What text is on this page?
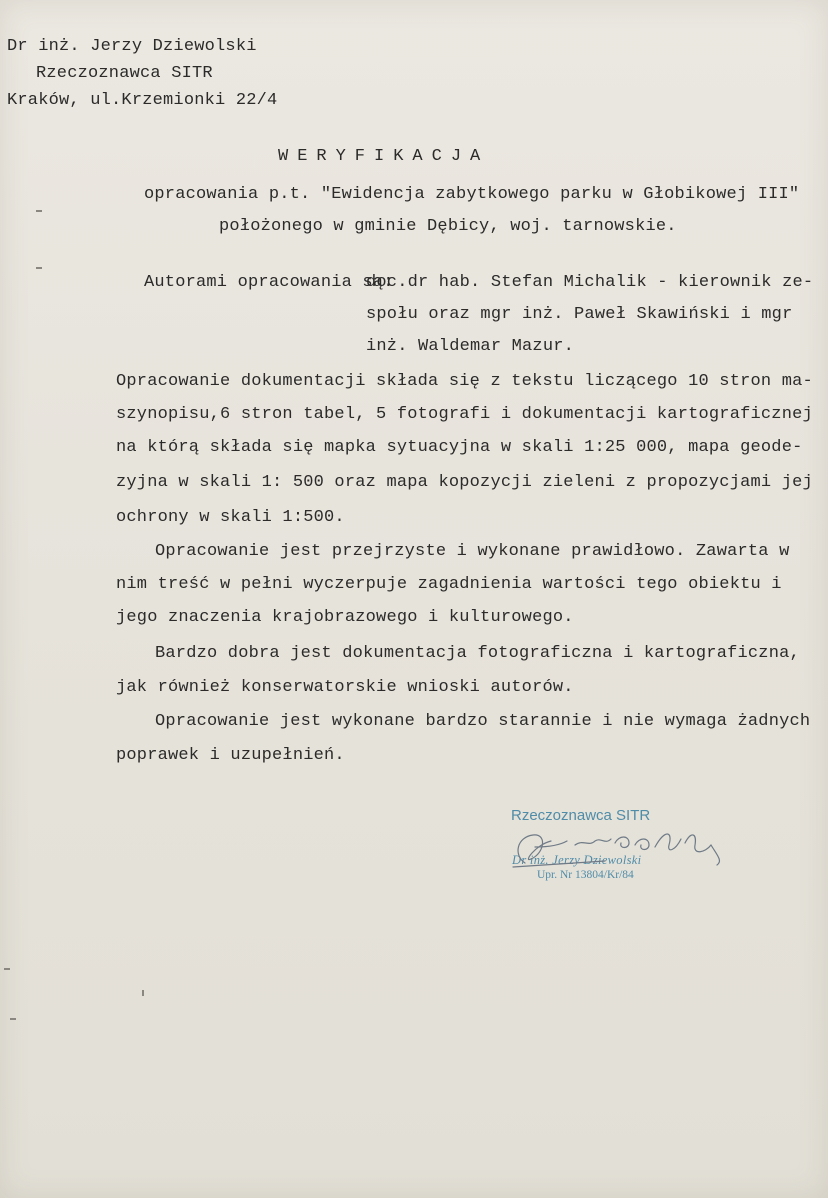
Dr inż. Jerzy Dziewolski
Rzeczoznawca SITR
Kraków, ul.Krzemionki 22/4
WERYFIKACJA
opracowania p.t. "Ewidencja zabytkowego parku w Głobikowej III"
położonego w gminie Dębicy, woj. tarnowskie.
Autorami opracowania są:
doc.dr hab. Stefan Michalik - kierownik ze-
społu oraz mgr inż. Paweł Skawiński i mgr
inż. Waldemar Mazur.
Opracowanie dokumentacji składa się z tekstu liczącego 10 stron ma-
szynopisu,6 stron tabel, 5 fotografi i dokumentacji kartograficznej
na którą składa się mapka sytuacyjna w skali 1:25 000, mapa geode-
zyjna w skali 1: 500 oraz mapa kopozycji zieleni z propozycjami jej
ochrony w skali 1:500.
Opracowanie jest przejrzyste i wykonane prawidłowo. Zawarta w
nim treść w pełni wyczerpuje zagadnienia wartości tego obiektu i
jego znaczenia krajobrazowego i kulturowego.
Bardzo dobra jest dokumentacja fotograficzna i kartograficzna,
jak również konserwatorskie wnioski autorów.
Opracowanie jest wykonane bardzo starannie i nie wymaga żadnych
poprawek i uzupełnień.
Rzeczoznawca SITR
Dr inż. Jerzy Dziewolski
Upr. Nr 13804/Kr/84
